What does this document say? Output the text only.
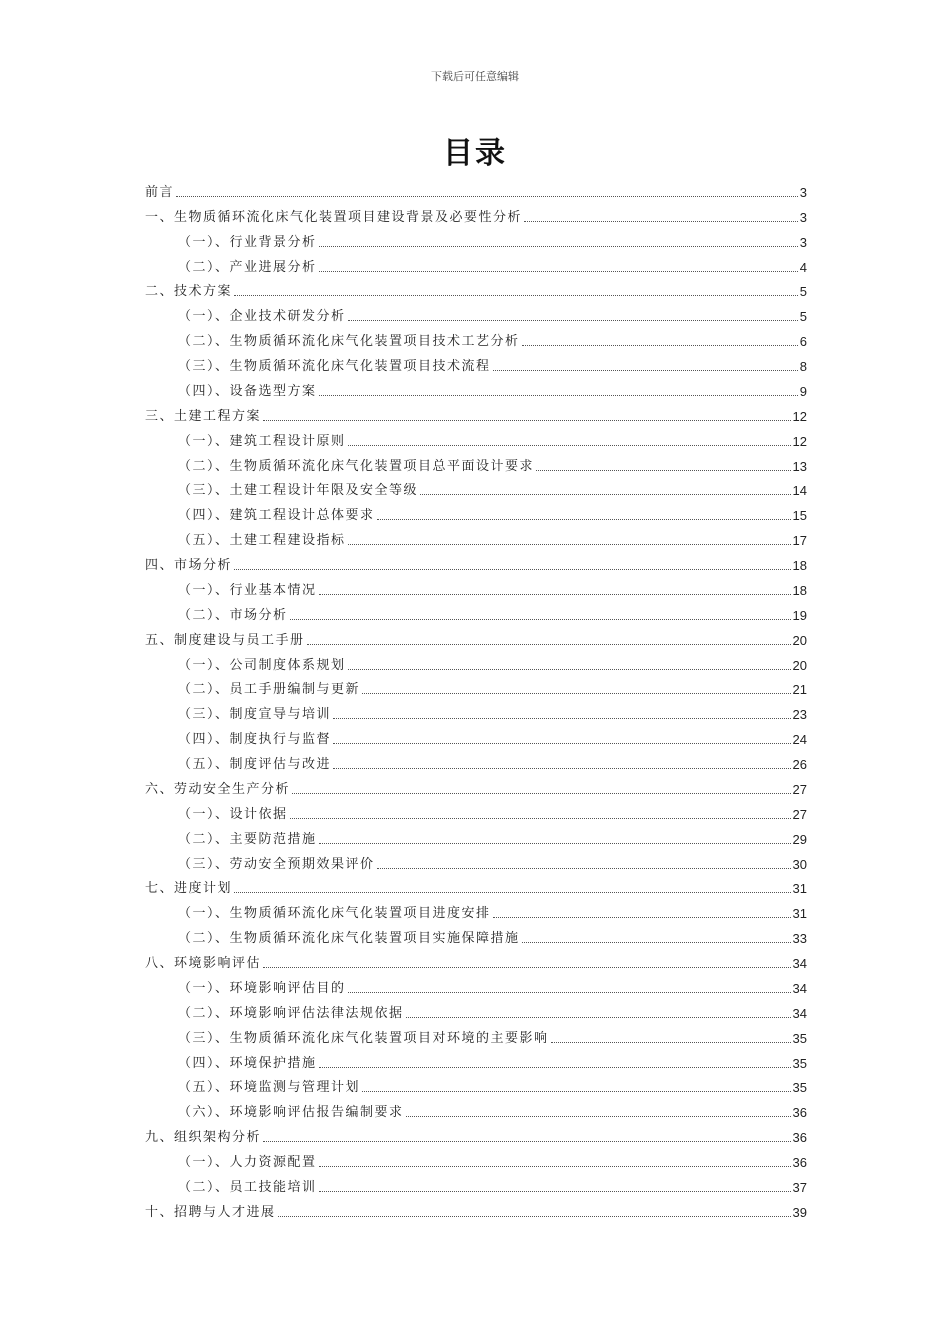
下载后可任意编辑
目录
前言	3
一、生物质循环流化床气化装置项目建设背景及必要性分析	3
（一）、行业背景分析	3
（二）、产业进展分析	4
二、技术方案	5
（一）、企业技术研发分析	5
（二）、生物质循环流化床气化装置项目技术工艺分析	6
（三）、生物质循环流化床气化装置项目技术流程	8
（四）、设备选型方案	9
三、土建工程方案	12
（一）、建筑工程设计原则	12
（二）、生物质循环流化床气化装置项目总平面设计要求	13
（三）、土建工程设计年限及安全等级	14
（四）、建筑工程设计总体要求	15
（五）、土建工程建设指标	17
四、市场分析	18
（一）、行业基本情况	18
（二）、市场分析	19
五、制度建设与员工手册	20
（一）、公司制度体系规划	20
（二）、员工手册编制与更新	21
（三）、制度宣导与培训	23
（四）、制度执行与监督	24
（五）、制度评估与改进	26
六、劳动安全生产分析	27
（一）、设计依据	27
（二）、主要防范措施	29
（三）、劳动安全预期效果评价	30
七、进度计划	31
（一）、生物质循环流化床气化装置项目进度安排	31
（二）、生物质循环流化床气化装置项目实施保障措施	33
八、环境影响评估	34
（一）、环境影响评估目的	34
（二）、环境影响评估法律法规依据	34
（三）、生物质循环流化床气化装置项目对环境的主要影响	35
（四）、环境保护措施	35
（五）、环境监测与管理计划	35
（六）、环境影响评估报告编制要求	36
九、组织架构分析	36
（一）、人力资源配置	36
（二）、员工技能培训	37
十、招聘与人才进展	39
